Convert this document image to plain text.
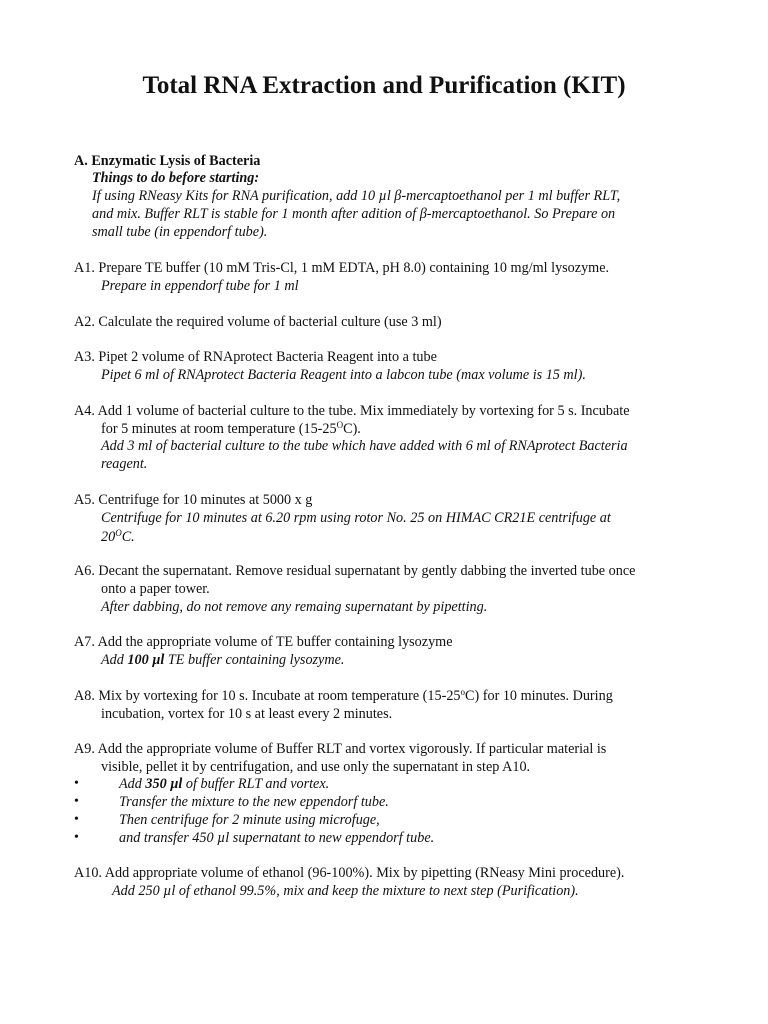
Total RNA Extraction and Purification (KIT)
A. Enzymatic Lysis of Bacteria
Things to do before starting:
If using RNeasy Kits for RNA purification, add 10 µl β-mercaptoethanol per 1 ml buffer RLT,
and mix. Buffer RLT is stable for 1 month after adition of β-mercaptoethanol. So Prepare on
small tube (in eppendorf tube).
A1. Prepare TE buffer (10 mM Tris-Cl, 1 mM EDTA, pH 8.0) containing 10 mg/ml lysozyme.
Prepare in eppendorf tube for 1 ml
A2. Calculate the required volume of bacterial culture (use 3 ml)
A3. Pipet 2 volume of RNAprotect Bacteria Reagent into a tube
Pipet 6 ml of RNAprotect Bacteria Reagent into a labcon tube (max volume is 15 ml).
A4. Add 1 volume of bacterial culture to the tube. Mix immediately by vortexing for 5 s. Incubate
for 5 minutes at room temperature $(15-25^OC)$.
Add 3 ml of bacterial culture to the tube which have added with 6 ml of RNAprotect Bacteria
reagent.
A5. Centrifuge for 10 minutes at 5000 x g
Centrifuge for 10 minutes at 6.20 rpm using rotor No. 25 on HIMAC CR21E centrifuge at
$20^OC$.
A6. Decant the supernatant. Remove residual supernatant by gently dabbing the inverted tube once
onto a paper tower.
After dabbing, do not remove any remaing supernatant by pipetting.
A7. Add the appropriate volume of TE buffer containing lysozyme
Add 100 µl TE buffer containing lysozyme.
A8. Mix by vortexing for 10 s. Incubate at room temperature (15-25$^o$C) for 10 minutes. During
incubation, vortex for 10 s at least every 2 minutes.
A9. Add the appropriate volume of Buffer RLT and vortex vigorously. If particular material is
visible, pellet it by centrifugation, and use only the supernatant in step A10.
•	Add 350 µl of buffer RLT and vortex.
•	Transfer the mixture to the new eppendorf tube.
•	Then centrifuge for 2 minute using microfuge,
•	and transfer 450 µl supernatant to new eppendorf tube.
A10. Add appropriate volume of ethanol (96-100%). Mix by pipetting (RNeasy Mini procedure).
Add 250 µl of ethanol 99.5%, mix and keep the mixture to next step (Purification).
